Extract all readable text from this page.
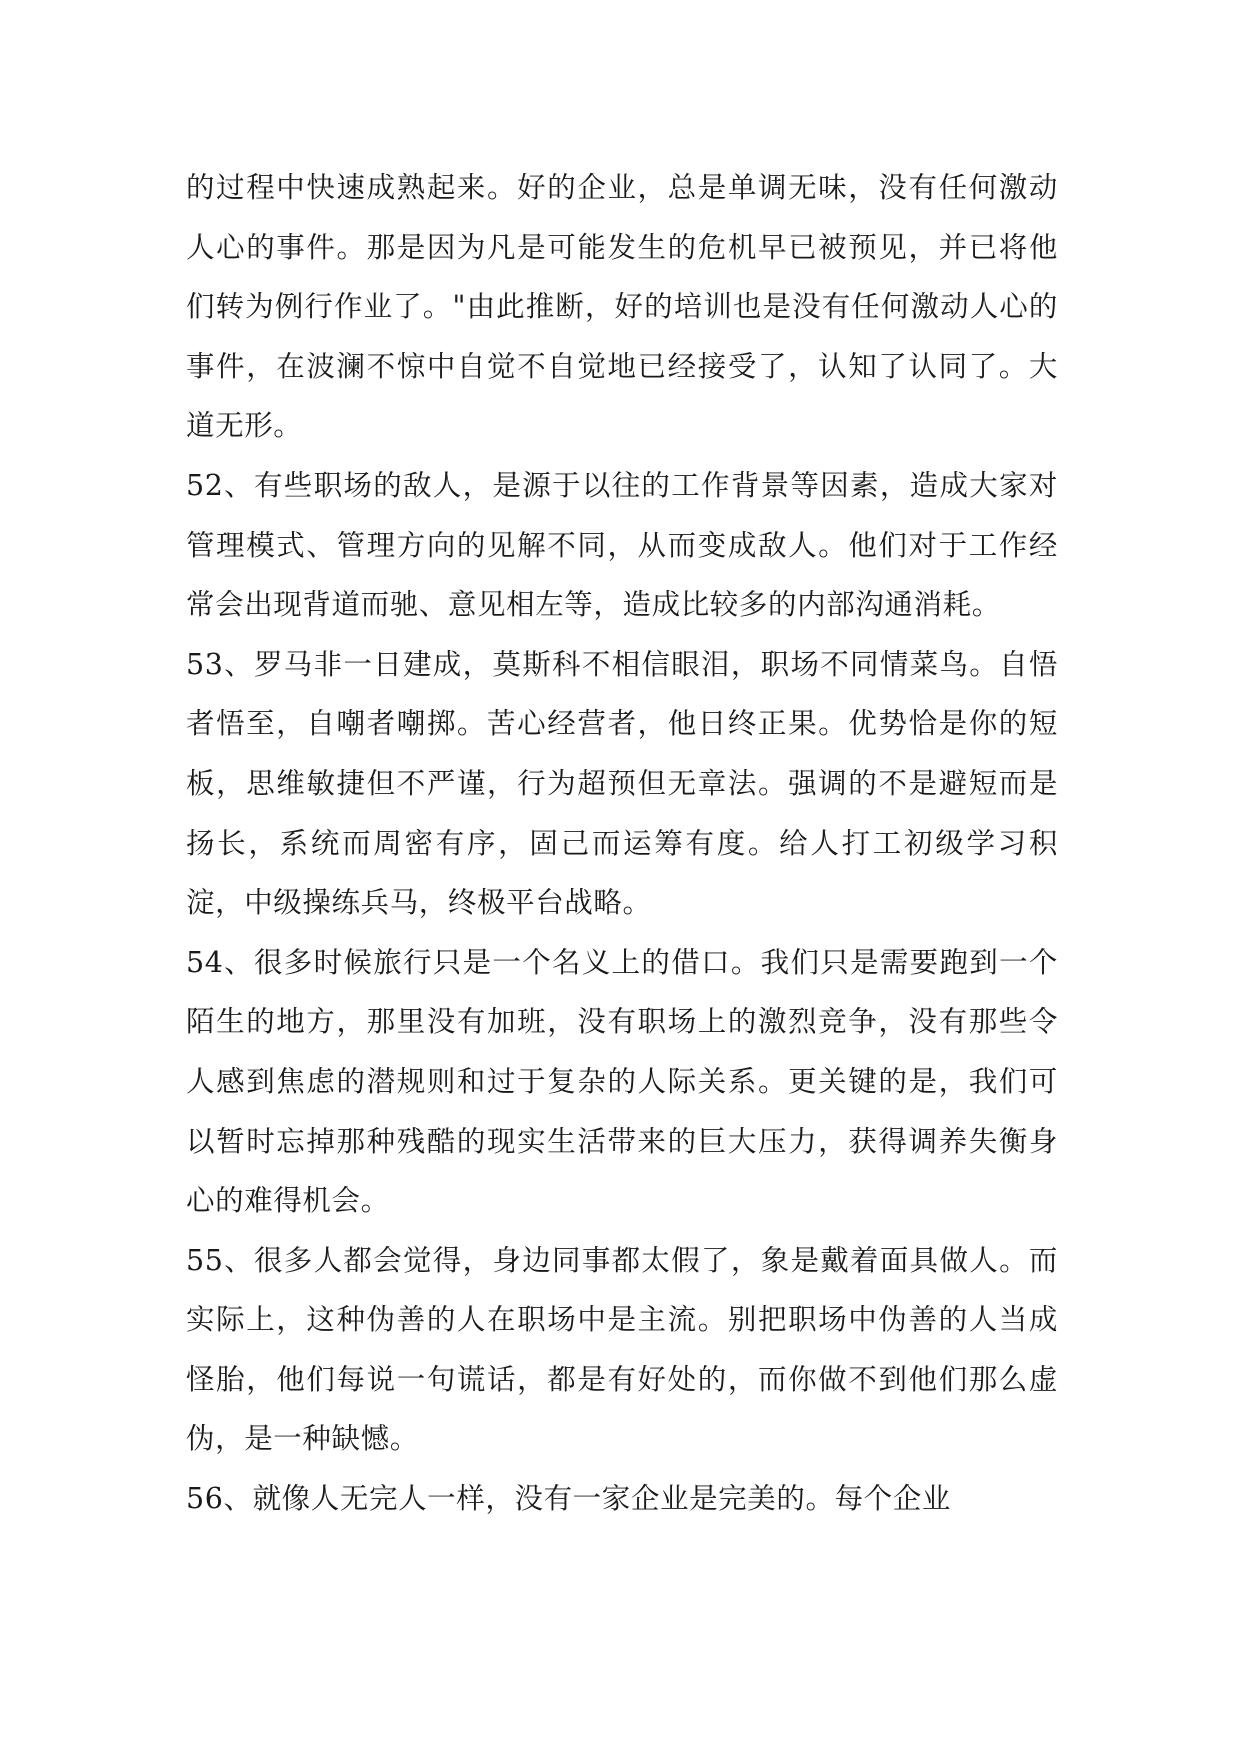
的过程中快速成熟起来。好的企业，总是单调无味，没有任何激动人心的事件。那是因为凡是可能发生的危机早已被预见，并已将他们转为例行作业了。"由此推断，好的培训也是没有任何激动人心的事件，在波澜不惊中自觉不自觉地已经接受了，认知了认同了。大道无形。

52、有些职场的敌人，是源于以往的工作背景等因素，造成大家对管理模式、管理方向的见解不同，从而变成敌人。他们对于工作经常会出现背道而驰、意见相左等，造成比较多的内部沟通消耗。

53、罗马非一日建成，莫斯科不相信眼泪，职场不同情菜鸟。自悟者悟至，自嘲者嘲掷。苦心经营者，他日终正果。优势恰是你的短板，思维敏捷但不严谨，行为超预但无章法。强调的不是避短而是扬长，系统而周密有序，固己而运筹有度。给人打工初级学习积淀，中级操练兵马，终极平台战略。

54、很多时候旅行只是一个名义上的借口。我们只是需要跑到一个陌生的地方，那里没有加班，没有职场上的激烈竞争，没有那些令人感到焦虑的潜规则和过于复杂的人际关系。更关键的是，我们可以暂时忘掉那种残酷的现实生活带来的巨大压力，获得调养失衡身心的难得机会。

55、很多人都会觉得，身边同事都太假了，象是戴着面具做人。而实际上，这种伪善的人在职场中是主流。别把职场中伪善的人当成怪胎，他们每说一句谎话，都是有好处的，而你做不到他们那么虚伪，是一种缺憾。

56、就像人无完人一样，没有一家企业是完美的。每个企业
